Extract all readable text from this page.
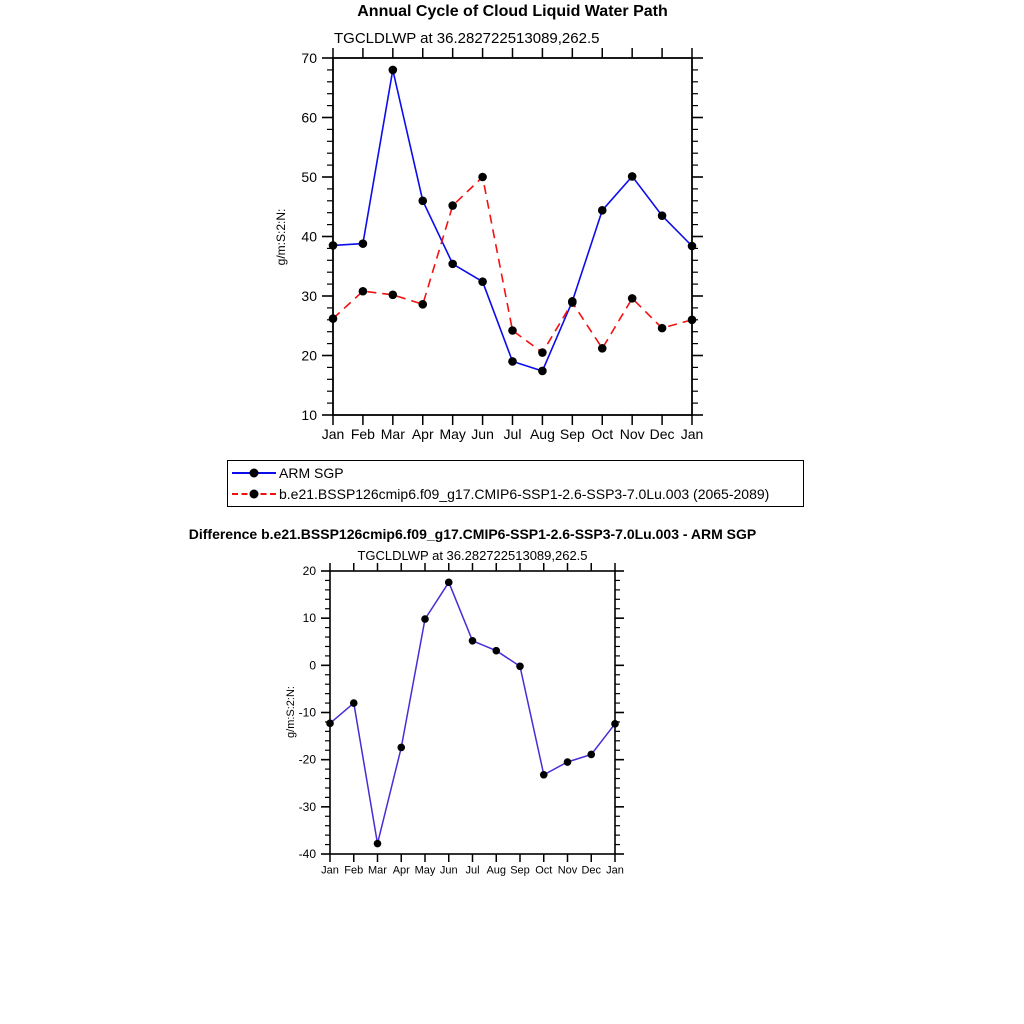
70
60
50
40
30
20
10
Jan Feb Mar Apr May Jun Jul Aug Sep Oct Nov Dec Jan
20
10
0
-10
-20
-30
-40
Jan Feb Mar Apr May Jun Jul Aug Sep Oct Nov Dec Jan
Annual Cycle of Cloud Liquid Water Path
TGCLDLWP at 36.282722513089,262.5
g/m:S:2:N:
ARM SGP
b.e21.BSSP126cmip6.f09_g17.CMIP6-SSP1-2.6-SSP3-7.0Lu.003 (2065-2089)
Difference b.e21.BSSP126cmip6.f09_g17.CMIP6-SSP1-2.6-SSP3-7.0Lu.003 - ARM SGP
TGCLDLWP at 36.282722513089,262.5
g/m:S:2:N:
